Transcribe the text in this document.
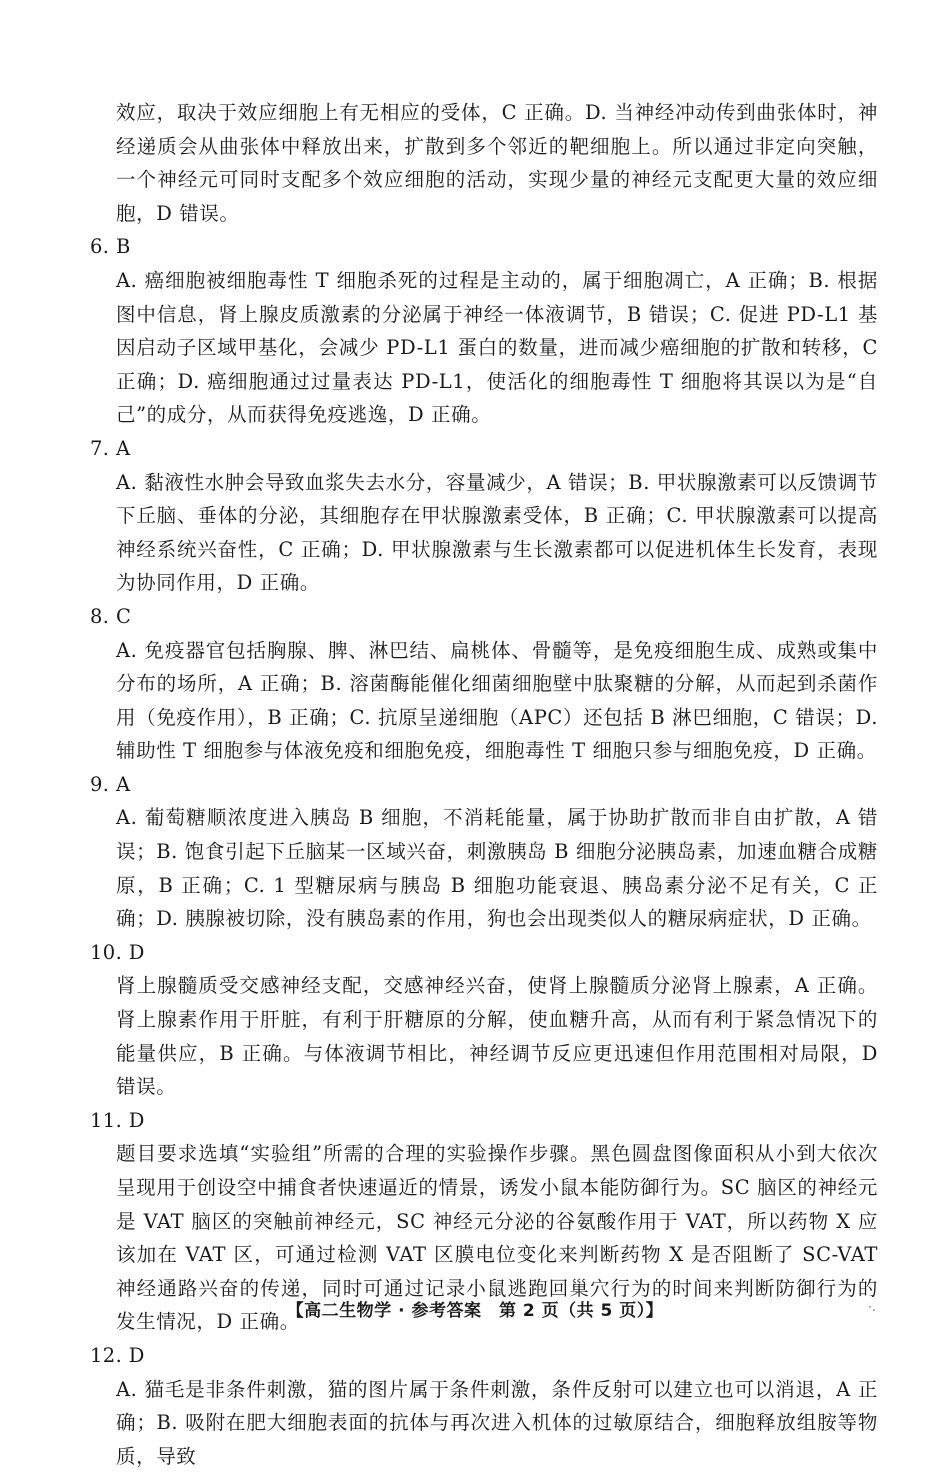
效应，取决于效应细胞上有无相应的受体，C 正确。D. 当神经冲动传到曲张体时，神经递质会从曲张体中释放出来，扩散到多个邻近的靶细胞上。所以通过非定向突触，一个神经元可同时支配多个效应细胞的活动，实现少量的神经元支配更大量的效应细胞，D 错误。

6. B

A. 癌细胞被细胞毒性 T 细胞杀死的过程是主动的，属于细胞凋亡，A 正确；B. 根据图中信息，肾上腺皮质激素的分泌属于神经一体液调节，B 错误；C. 促进 PD-L1 基因启动子区域甲基化，会减少 PD-L1 蛋白的数量，进而减少癌细胞的扩散和转移，C 正确；D. 癌细胞通过过量表达 PD-L1，使活化的细胞毒性 T 细胞将其误以为是“自己”的成分，从而获得免疫逃逸，D 正确。

7. A

A. 黏液性水肿会导致血浆失去水分，容量减少，A 错误；B. 甲状腺激素可以反馈调节下丘脑、垂体的分泌，其细胞存在甲状腺激素受体，B 正确；C. 甲状腺激素可以提高神经系统兴奋性，C 正确；D. 甲状腺激素与生长激素都可以促进机体生长发育，表现为协同作用，D 正确。

8. C

A. 免疫器官包括胸腺、脾、淋巴结、扁桃体、骨髓等，是免疫细胞生成、成熟或集中分布的场所，A 正确；B. 溶菌酶能催化细菌细胞壁中肽聚糖的分解，从而起到杀菌作用（免疫作用），B 正确；C. 抗原呈递细胞（APC）还包括 B 淋巴细胞，C 错误；D. 辅助性 T 细胞参与体液免疫和细胞免疫，细胞毒性 T 细胞只参与细胞免疫，D 正确。

9. A

A. 葡萄糖顺浓度进入胰岛 B 细胞，不消耗能量，属于协助扩散而非自由扩散，A 错误；B. 饱食引起下丘脑某一区域兴奋，刺激胰岛 B 细胞分泌胰岛素，加速血糖合成糖原，B 正确；C. 1 型糖尿病与胰岛 B 细胞功能衰退、胰岛素分泌不足有关，C 正确；D. 胰腺被切除，没有胰岛素的作用，狗也会出现类似人的糖尿病症状，D 正确。

10. D

肾上腺髓质受交感神经支配，交感神经兴奋，使肾上腺髓质分泌肾上腺素，A 正确。肾上腺素作用于肝脏，有利于肝糖原的分解，使血糖升高，从而有利于紧急情况下的能量供应，B 正确。与体液调节相比，神经调节反应更迅速但作用范围相对局限，D 错误。

11. D

题目要求选填“实验组”所需的合理的实验操作步骤。黑色圆盘图像面积从小到大依次呈现用于创设空中捕食者快速逼近的情景，诱发小鼠本能防御行为。SC 脑区的神经元是 VAT 脑区的突触前神经元，SC 神经元分泌的谷氨酸作用于 VAT，所以药物 X 应该加在 VAT 区，可通过检测 VAT 区膜电位变化来判断药物 X 是否阻断了 SC-VAT 神经通路兴奋的传递，同时可通过记录小鼠逃跑回巢穴行为的时间来判断防御行为的发生情况，D 正确。

12. D

A. 猫毛是非条件刺激，猫的图片属于条件刺激，条件反射可以建立也可以消退，A 正确；B. 吸附在肥大细胞表面的抗体与再次进入机体的过敏原结合，细胞释放组胺等物质，导致

【高二生物学 · 参考答案　第 2 页（共 5 页）】	·.
